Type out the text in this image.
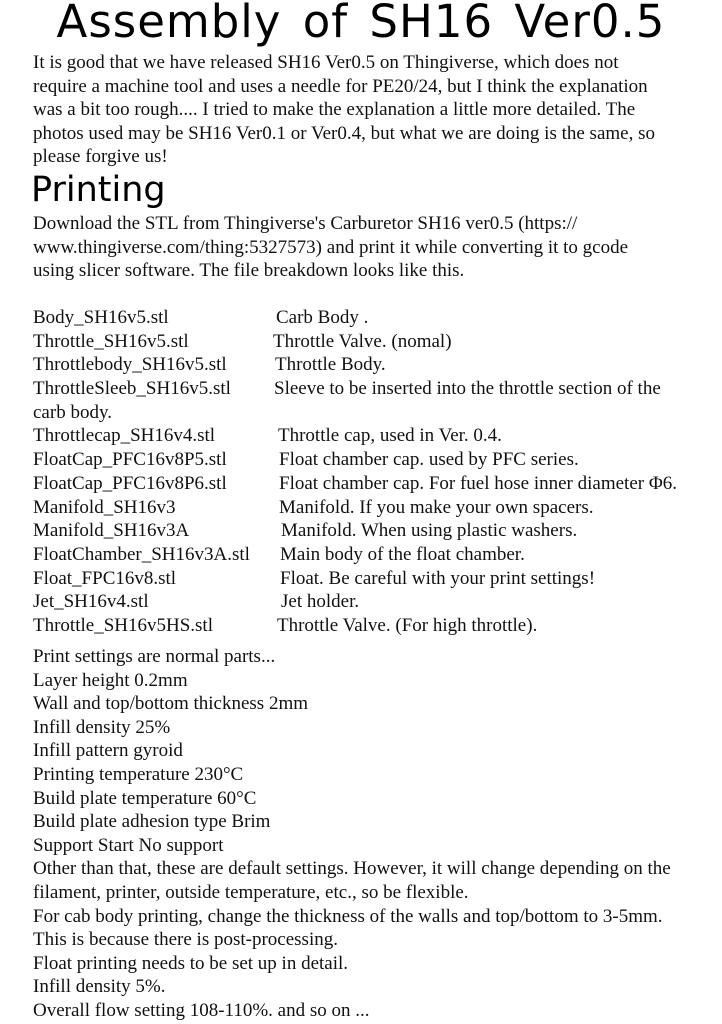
Assembly of SH16 Ver0.5
It is good that we have released SH16 Ver0.5 on Thingiverse, which does not
require a machine tool and uses a needle for PE20/24, but I think the explanation
was a bit too rough.... I tried to make the explanation a little more detailed. The
photos used may be SH16 Ver0.1 or Ver0.4, but what we are doing is the same, so
please forgive us!
Printing
Download the STL from Thingiverse's Carburetor SH16 ver0.5 (https://
www.thingiverse.com/thing:5327573) and print it while converting it to gcode
using slicer software. The file breakdown looks like this.
Body_SH16v5.stl	Carb Body .
Throttle_SH16v5.stl	Throttle Valve. (nomal)
Throttlebody_SH16v5.stl	Throttle Body.
ThrottleSleeb_SH16v5.stl Sleeve to be inserted into the throttle section of the
carb body.
Throttlecap_SH16v4.stl	Throttle cap, used in Ver. 0.4.
FloatCap_PFC16v8P5.stl	Float chamber cap. used by PFC series.
FloatCap_PFC16v8P6.stl	Float chamber cap. For fuel hose inner diameter Φ6.
Manifold_SH16v3	Manifold. If you make your own spacers.
Manifold_SH16v3A	Manifold. When using plastic washers.
FloatChamber_SH16v3A.stl Main body of the float chamber.
Float_FPC16v8.stl	Float. Be careful with your print settings!
Jet_SH16v4.stl	Jet holder.
Throttle_SH16v5HS.stl	Throttle Valve. (For high throttle).
Print settings are normal parts...
Layer height 0.2mm
Wall and top/bottom thickness 2mm
Infill density 25%
Infill pattern gyroid
Printing temperature 230°C
Build plate temperature 60°C
Build plate adhesion type Brim
Support Start No support
Other than that, these are default settings. However, it will change depending on the
filament, printer, outside temperature, etc., so be flexible.
For cab body printing, change the thickness of the walls and top/bottom to 3-5mm.
This is because there is post-processing.
Float printing needs to be set up in detail.
Infill density 5%.
Overall flow setting 108-110%. and so on ...
